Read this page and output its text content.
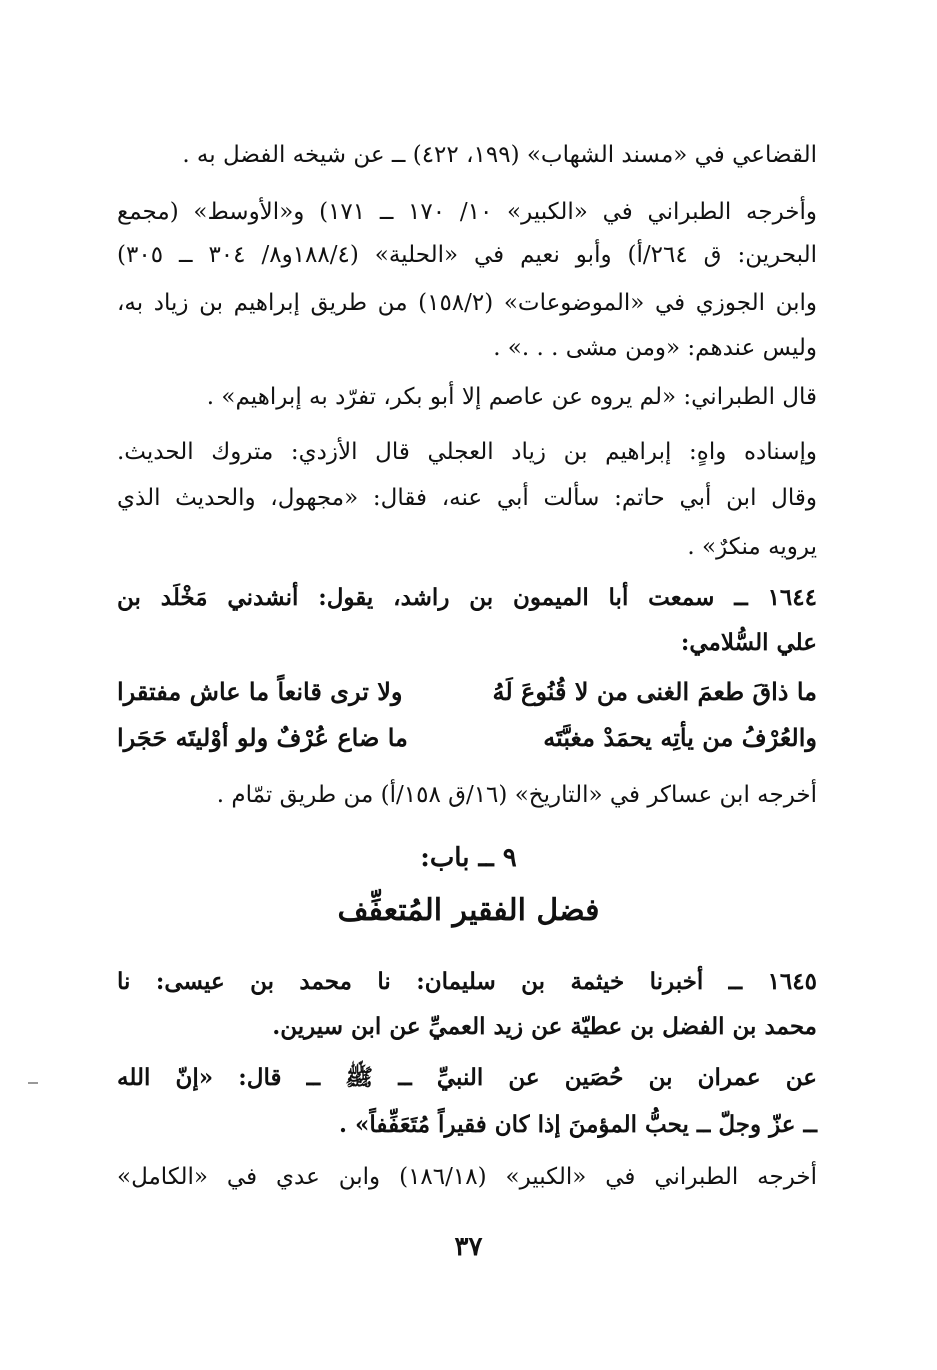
القضاعي في «مسند الشهاب» (١٩٩، ٤٢٢) ــ عن شيخه الفضل به .
وأخرجه الطبراني في «الكبير» ١٠/ ١٧٠ ــ ١٧١) و«الأوسط» (مجمع
البحرين: ق ٢٦٤/أ) وأبو نعيم في «الحلية» (١٨٨/٤و٨/ ٣٠٤ ــ ٣٠٥)
وابن الجوزي في «الموضوعات» (١٥٨/٢) من طريق إبراهيم بن زياد به،
وليس عندهم: «ومن مشى . . .» .
قال الطبراني: «لم يروه عن عاصم إلا أبو بكر، تفرّد به إبراهيم» .
وإسناده واهٍ: إبراهيم بن زياد العجلي قال الأزدي: متروك الحديث.
وقال ابن أبي حاتم: سألت أبي عنه، فقال: «مجهول، والحديث الذي
يرويه منكرٌ» .
١٦٤٤ ــ سمعت أبا الميمون بن راشد، يقول: أنشدني مَخْلَد بن
علي السُّلامي:
ما ذاقَ طعمَ الغنى من لا قُنُوعَ لَهُ
ولا ترى قانعاً ما عاش مفتقرا
والعُرْفُ من يأتِه يحمَدْ مغبَّتَه
ما ضاع عُرْفٌ ولو أوْليتَه حَجَرا
أخرجه ابن عساكر في «التاريخ» (١٦/ق ١٥٨/أ) من طريق تمّام .
٩ ــ باب:
فضل الفقير المُتعفِّف
١٦٤٥ ــ أخبرنا خيثمة بن سليمان: نا محمد بن عيسى: نا
محمد بن الفضل بن عطيّة عن زيد العميِّ عن ابن سيرين.
عن عمران بن حُصَين عن النبيِّ ــ ﷺ ــ قال: «إنّ الله
ــ عزّ وجلّ ــ يحبُّ المؤمنَ إذا كان فقيراً مُتَعَفِّفاً» .
أخرجه الطبراني في «الكبير» (١٨٦/١٨) وابن عدي في «الكامل»
٣٧
